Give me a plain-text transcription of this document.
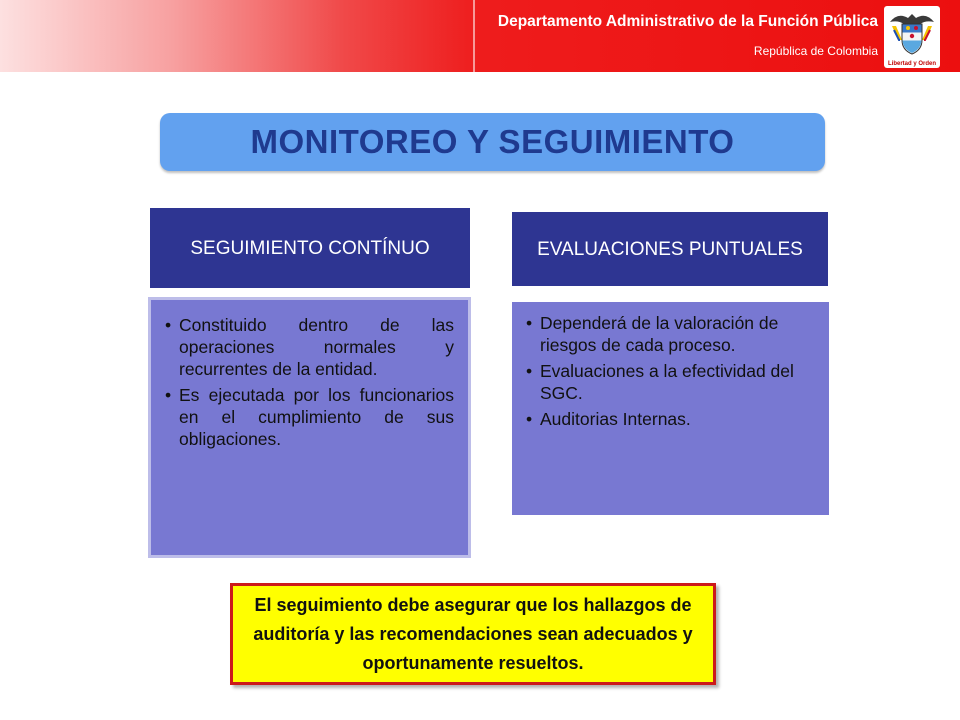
Departamento Administrativo de la Función Pública
República de Colombia
Libertad y Orden
MONITOREO Y SEGUIMIENTO
SEGUIMIENTO CONTÍNUO
• Constituido dentro de las operaciones normales y recurrentes de la entidad.
• Es ejecutada por los funcionarios en el cumplimiento de sus obligaciones.
EVALUACIONES PUNTUALES
• Dependerá de la valoración de riesgos de cada proceso.
• Evaluaciones a la efectividad del SGC.
• Auditorias Internas.
El seguimiento debe asegurar que los hallazgos de auditoría y las recomendaciones sean adecuados y oportunamente resueltos.
